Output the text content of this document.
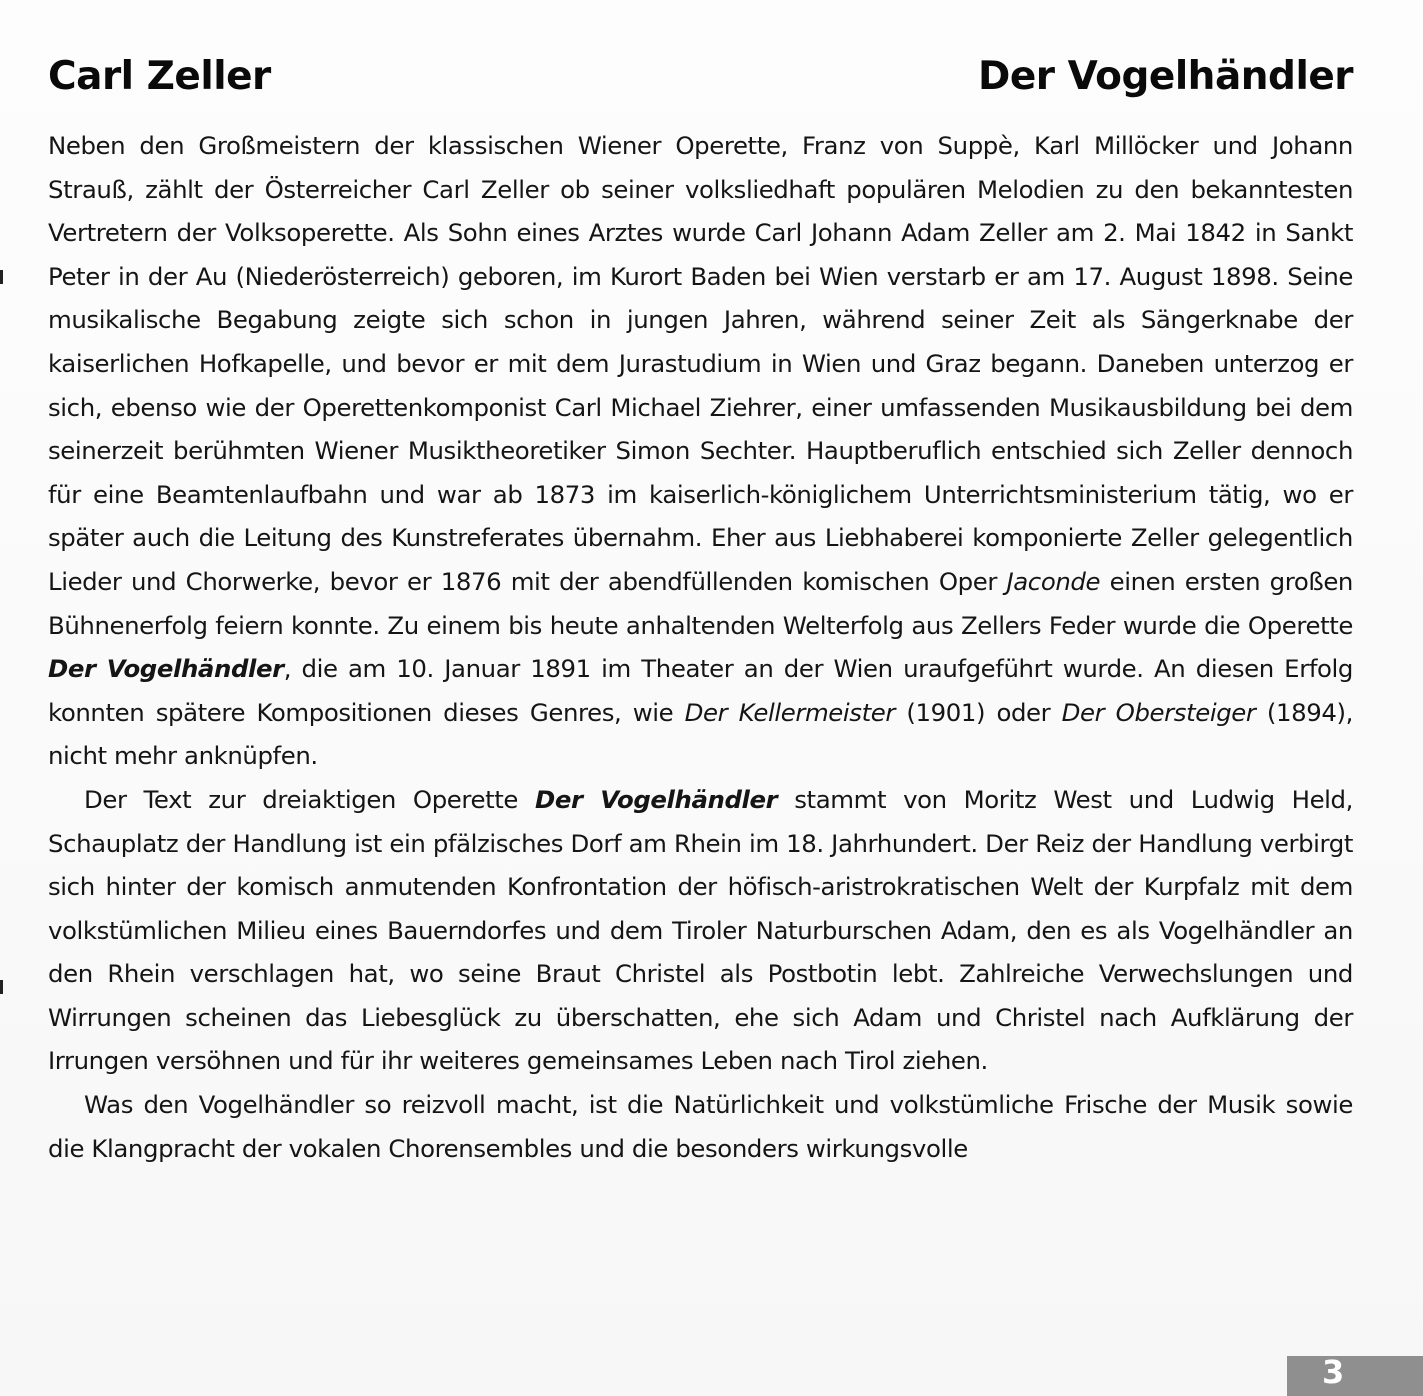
Carl Zeller	Der Vogelhändler

Neben den Großmeistern der klassischen Wiener Operette, Franz von Suppè, Karl Millöcker und Johann Strauß, zählt der Österreicher Carl Zeller ob seiner volksliedhaft populären Melodien zu den bekanntesten Vertretern der Volksoperette. Als Sohn eines Arztes wurde Carl Johann Adam Zeller am 2. Mai 1842 in Sankt Peter in der Au (Niederösterreich) geboren, im Kurort Baden bei Wien verstarb er am 17. August 1898. Seine musikalische Begabung zeigte sich schon in jungen Jahren, während seiner Zeit als Sängerknabe der kaiserlichen Hofkapelle, und bevor er mit dem Jurastudium in Wien und Graz begann. Daneben unterzog er sich, ebenso wie der Operettenkomponist Carl Michael Ziehrer, einer umfassenden Musikausbildung bei dem seinerzeit berühmten Wiener Musiktheoretiker Simon Sechter. Hauptberuflich entschied sich Zeller dennoch für eine Beamtenlaufbahn und war ab 1873 im kaiserlich-königlichem Unterrichtsministerium tätig, wo er später auch die Leitung des Kunstreferates übernahm. Eher aus Liebhaberei komponierte Zeller gelegentlich Lieder und Chorwerke, bevor er 1876 mit der abendfüllenden komischen Oper Jaconde einen ersten großen Bühnenerfolg feiern konnte. Zu einem bis heute anhaltenden Welterfolg aus Zellers Feder wurde die Operette Der Vogelhändler, die am 10. Januar 1891 im Theater an der Wien uraufgeführt wurde. An diesen Erfolg konnten spätere Kompositionen dieses Genres, wie Der Kellermeister (1901) oder Der Obersteiger (1894), nicht mehr anknüpfen.

Der Text zur dreiaktigen Operette Der Vogelhändler stammt von Moritz West und Ludwig Held, Schauplatz der Handlung ist ein pfälzisches Dorf am Rhein im 18. Jahrhundert. Der Reiz der Handlung verbirgt sich hinter der komisch anmutenden Konfrontation der höfisch-aristrokratischen Welt der Kurpfalz mit dem volkstümlichen Milieu eines Bauerndorfes und dem Tiroler Naturburschen Adam, den es als Vogelhändler an den Rhein verschlagen hat, wo seine Braut Christel als Postbotin lebt. Zahlreiche Verwechslungen und Wirrungen scheinen das Liebesglück zu überschatten, ehe sich Adam und Christel nach Aufklärung der Irrungen versöhnen und für ihr weiteres gemeinsames Leben nach Tirol ziehen.

Was den Vogelhändler so reizvoll macht, ist die Natürlichkeit und volkstümliche Frische der Musik sowie die Klangpracht der vokalen Chorensembles und die besonders wirkungsvolle

3
